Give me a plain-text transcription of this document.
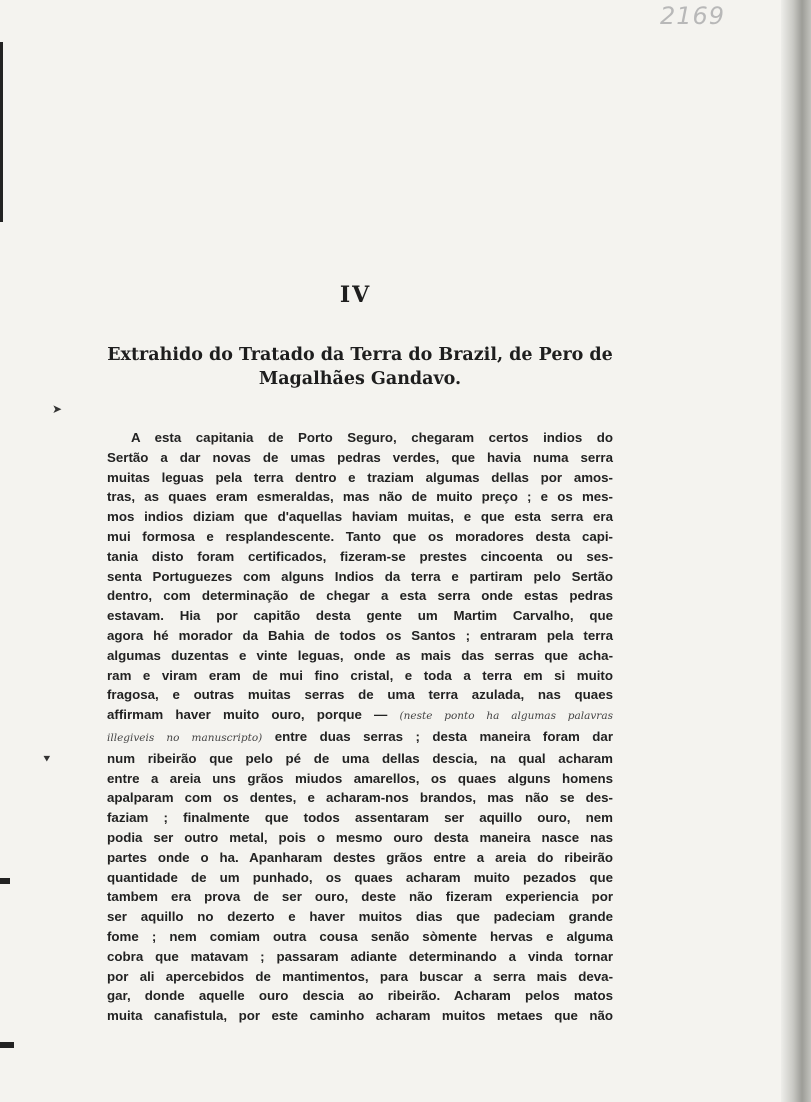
2169
➤
⯆
IV
Extrahido do Tratado da Terra do Brazil, de Pero de Magalhães Gandavo.
A esta capitania de Porto Seguro, chegaram certos indios do
Sertão a dar novas de umas pedras verdes, que havia numa serra
muitas leguas pela terra dentro e traziam algumas dellas por amos-
tras, as quaes eram esmeraldas, mas não de muito preço ; e os mes-
mos indios diziam que d'aquellas haviam muitas, e que esta serra era
mui formosa e resplandescente. Tanto que os moradores desta capi-
tania disto foram certificados, fizeram-se prestes cincoenta ou ses-
senta Portuguezes com alguns Indios da terra e partiram pelo Sertão
dentro, com determinação de chegar a esta serra onde estas pedras
estavam. Hia por capitão desta gente um Martim Carvalho, que
agora hé morador da Bahia de todos os Santos ; entraram pela terra
algumas duzentas e vinte leguas, onde as mais das serras que acha-
ram e viram eram de mui fino cristal, e toda a terra em si muito
fragosa, e outras muitas serras de uma terra azulada, nas quaes
affirmam haver muito ouro, porque — (neste ponto ha algumas palavras
illegiveis no manuscripto) entre duas serras ; desta maneira foram dar
num ribeirão que pelo pé de uma dellas descia, na qual acharam
entre a areia uns grãos miudos amarellos, os quaes alguns homens
apalparam com os dentes, e acharam-nos brandos, mas não se des-
faziam ; finalmente que todos assentaram ser aquillo ouro, nem
podia ser outro metal, pois o mesmo ouro desta maneira nasce nas
partes onde o ha. Apanharam destes grãos entre a areia do ribeirão
quantidade de um punhado, os quaes acharam muito pezados que
tambem era prova de ser ouro, deste não fizeram experiencia por
ser aquillo no dezerto e haver muitos dias que padeciam grande
fome ; nem comiam outra cousa senão sòmente hervas e alguma
cobra que matavam ; passaram adiante determinando a vinda tornar
por ali apercebidos de mantimentos, para buscar a serra mais deva-
gar, donde aquelle ouro descia ao ribeirão. Acharam pelos matos
muita canafistula, por este caminho acharam muitos metaes que não
